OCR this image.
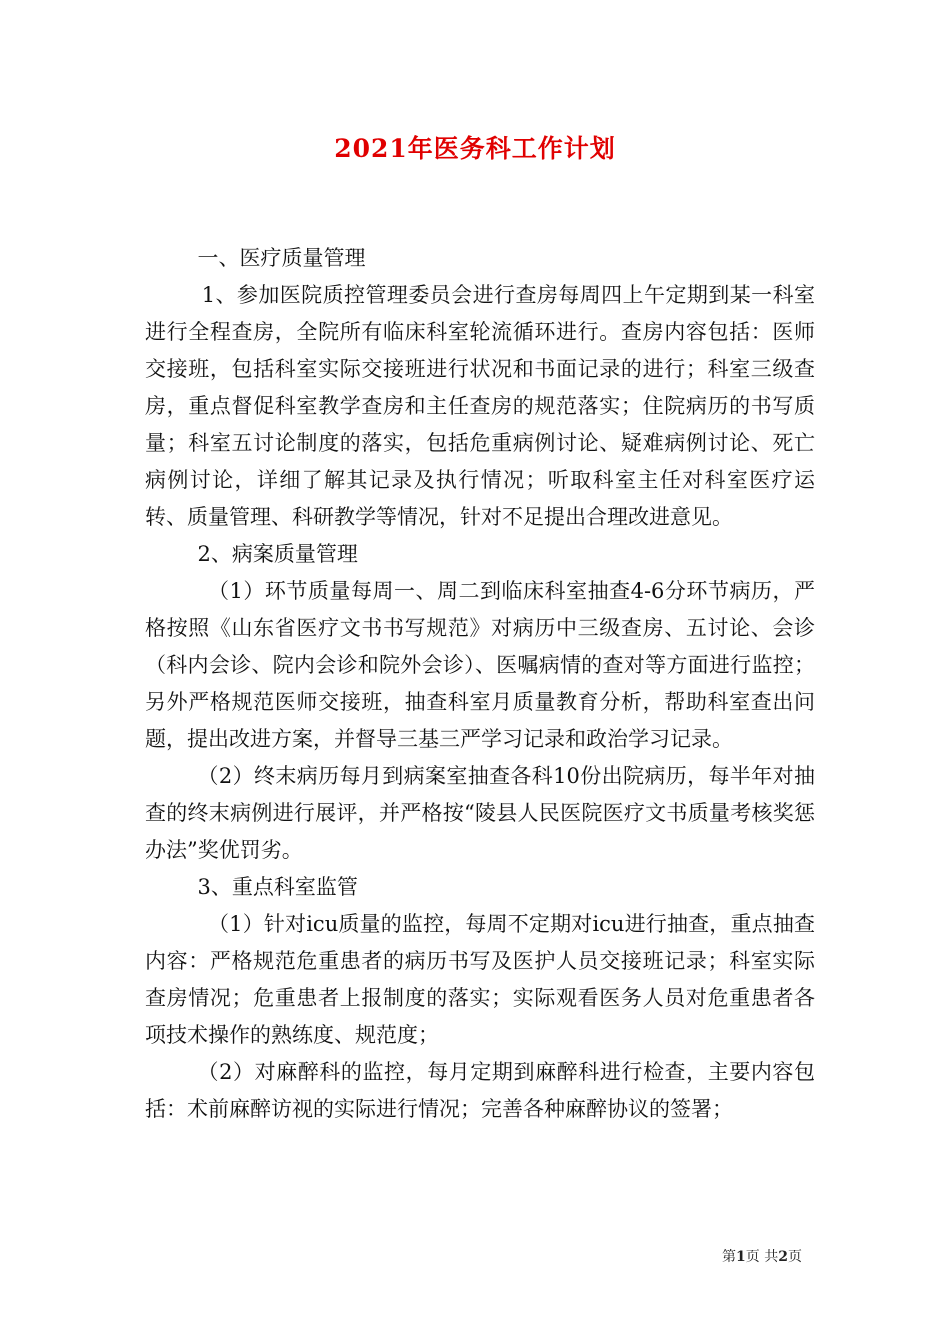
2021年医务科工作计划

一、医疗质量管理

1、参加医院质控管理委员会进行查房每周四上午定期到某一科室进行全程查房，全院所有临床科室轮流循环进行。查房内容包括：医师交接班，包括科室实际交接班进行状况和书面记录的进行；科室三级查房，重点督促科室教学查房和主任查房的规范落实；住院病历的书写质量；科室五讨论制度的落实，包括危重病例讨论、疑难病例讨论、死亡病例讨论，详细了解其记录及执行情况；听取科室主任对科室医疗运转、质量管理、科研教学等情况，针对不足提出合理改进意见。

2、病案质量管理

（1）环节质量每周一、周二到临床科室抽查4-6分环节病历，严格按照《山东省医疗文书书写规范》对病历中三级查房、五讨论、会诊（科内会诊、院内会诊和院外会诊）、医嘱病情的查对等方面进行监控；另外严格规范医师交接班，抽查科室月质量教育分析，帮助科室查出问题，提出改进方案，并督导三基三严学习记录和政治学习记录。

（2）终末病历每月到病案室抽查各科10份出院病历，每半年对抽查的终末病例进行展评，并严格按“陵县人民医院医疗文书质量考核奖惩办法”奖优罚劣。

3、重点科室监管

（1）针对icu质量的监控，每周不定期对icu进行抽查，重点抽查内容：严格规范危重患者的病历书写及医护人员交接班记录；科室实际查房情况；危重患者上报制度的落实；实际观看医务人员对危重患者各项技术操作的熟练度、规范度；

（2）对麻醉科的监控，每月定期到麻醉科进行检查，主要内容包括：术前麻醉访视的实际进行情况；完善各种麻醉协议的签署；

第1页 共2页
